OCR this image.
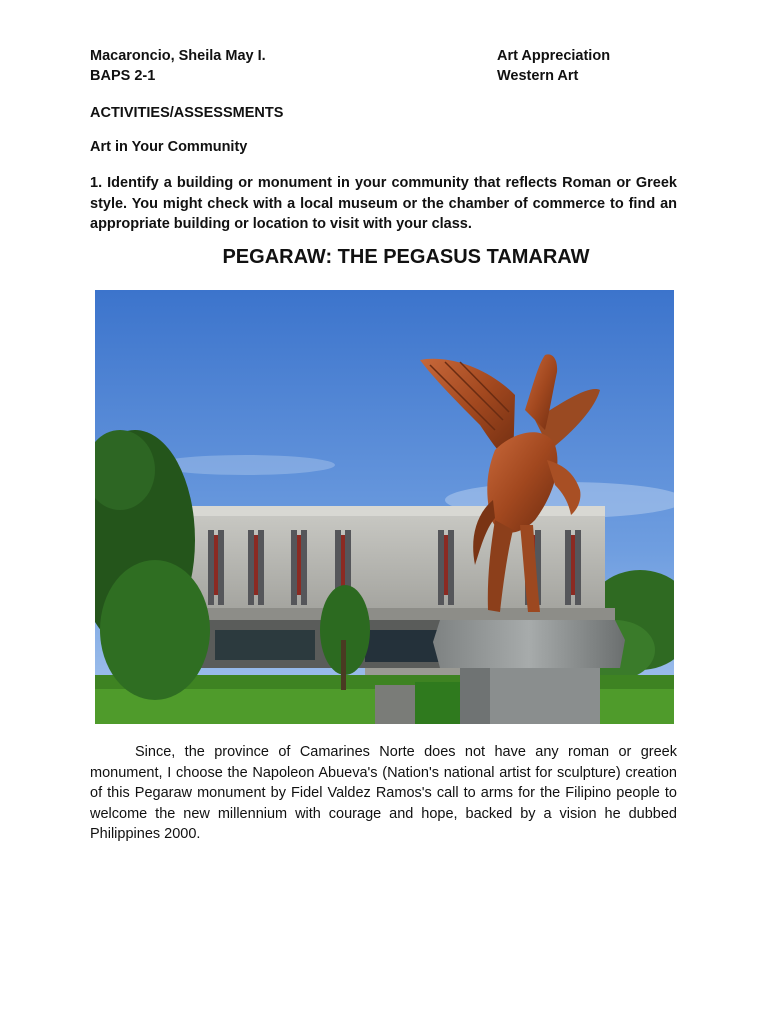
Macaroncio, Sheila May I.
BAPS 2-1
Art Appreciation
Western Art
ACTIVITIES/ASSESSMENTS
Art in Your Community
1. Identify a building or monument in your community that reflects Roman or Greek style. You might check with a local museum or the chamber of commerce to find an appropriate building or location to visit with your class.
PEGARAW: THE PEGASUS TAMARAW
Since, the province of Camarines Norte does not have any roman or greek monument, I choose the Napoleon Abueva's (Nation's national artist for sculpture) creation of this Pegaraw monument by Fidel Valdez Ramos's call to arms for the Filipino people to welcome the new millennium with courage and hope, backed by a vision he dubbed Philippines 2000.
